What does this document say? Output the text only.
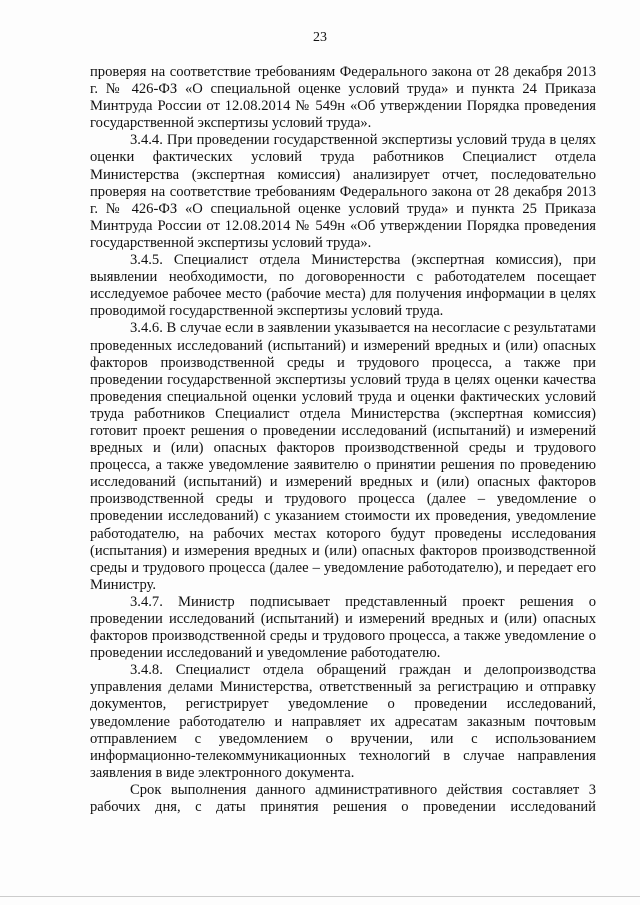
23

проверяя на соответствие требованиям Федерального закона от 28 декабря 2013 г. № 426-ФЗ «О специальной оценке условий труда» и пункта 24 Приказа Минтруда России от 12.08.2014 № 549н «Об утверждении Порядка проведения государственной экспертизы условий труда».

3.4.4. При проведении государственной экспертизы условий труда в целях оценки фактических условий труда работников Специалист отдела Министерства (экспертная комиссия) анализирует отчет, последовательно проверяя на соответствие требованиям Федерального закона от 28 декабря 2013 г. № 426-ФЗ «О специальной оценке условий труда» и пункта 25 Приказа Минтруда России от 12.08.2014 № 549н «Об утверждении Порядка проведения государственной экспертизы условий труда».

3.4.5. Специалист отдела Министерства (экспертная комиссия), при выявлении необходимости, по договоренности с работодателем посещает исследуемое рабочее место (рабочие места) для получения информации в целях проводимой государственной экспертизы условий труда.

3.4.6. В случае если в заявлении указывается на несогласие с результатами проведенных исследований (испытаний) и измерений вредных и (или) опасных факторов производственной среды и трудового процесса, а также при проведении государственной экспертизы условий труда в целях оценки качества проведения специальной оценки условий труда и оценки фактических условий труда работников Специалист отдела Министерства (экспертная комиссия) готовит проект решения о проведении исследований (испытаний) и измерений вредных и (или) опасных факторов производственной среды и трудового процесса, а также уведомление заявителю о принятии решения по проведению исследований (испытаний) и измерений вредных и (или) опасных факторов производственной среды и трудового процесса (далее – уведомление о проведении исследований) с указанием стоимости их проведения, уведомление работодателю, на рабочих местах которого будут проведены исследования (испытания) и измерения вредных и (или) опасных факторов производственной среды и трудового процесса (далее – уведомление работодателю), и передает его Министру.

3.4.7. Министр подписывает представленный проект решения о проведении исследований (испытаний) и измерений вредных и (или) опасных факторов производственной среды и трудового процесса, а также уведомление о проведении исследований и уведомление работодателю.

3.4.8. Специалист отдела обращений граждан и делопроизводства управления делами Министерства, ответственный за регистрацию и отправку документов, регистрирует уведомление о проведении исследований, уведомление работодателю и направляет их адресатам заказным почтовым отправлением с уведомлением о вручении, или с использованием информационно-телекоммуникационных технологий в случае направления заявления в виде электронного документа.

Срок выполнения данного административного действия составляет 3 рабочих дня, с даты принятия решения о проведении исследований
